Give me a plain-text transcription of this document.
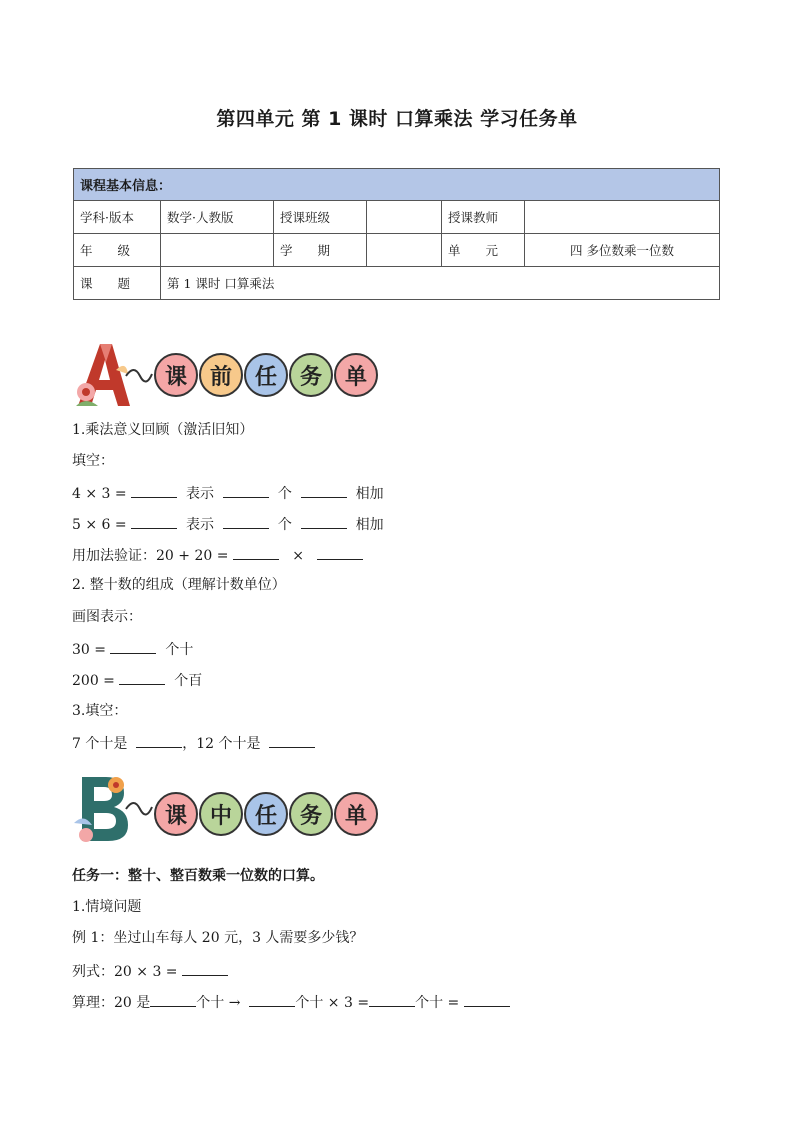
第四单元 第 1 课时 口算乘法 学习任务单
课程基本信息：					
学科·版本	数学·人教版	授课班级		授课教师	
年　　级		学　　期		单　　元	四 多位数乘一位数
课　　题	第 1 课时 口算乘法				
课	前	任	务	单
1.乘法意义回顾（激活旧知）
填空：
4 × 3 =	表示	个	相加
5 × 6 =	表示	个	相加
用加法验证：20 + 20 =	×
2. 整十数的组成（理解计数单位）
画图表示：
30 =	个十
200 =	个百
3.填空：
7 个十是	，12 个十是
课	中	任	务	单
任务一：整十、整百数乘一位数的口算。
1.情境问题
例 1：坐过山车每人 20 元，3 人需要多少钱？
列式：20 × 3 =
算理：20 是	个十 →	个十 × 3 =	个十 =
